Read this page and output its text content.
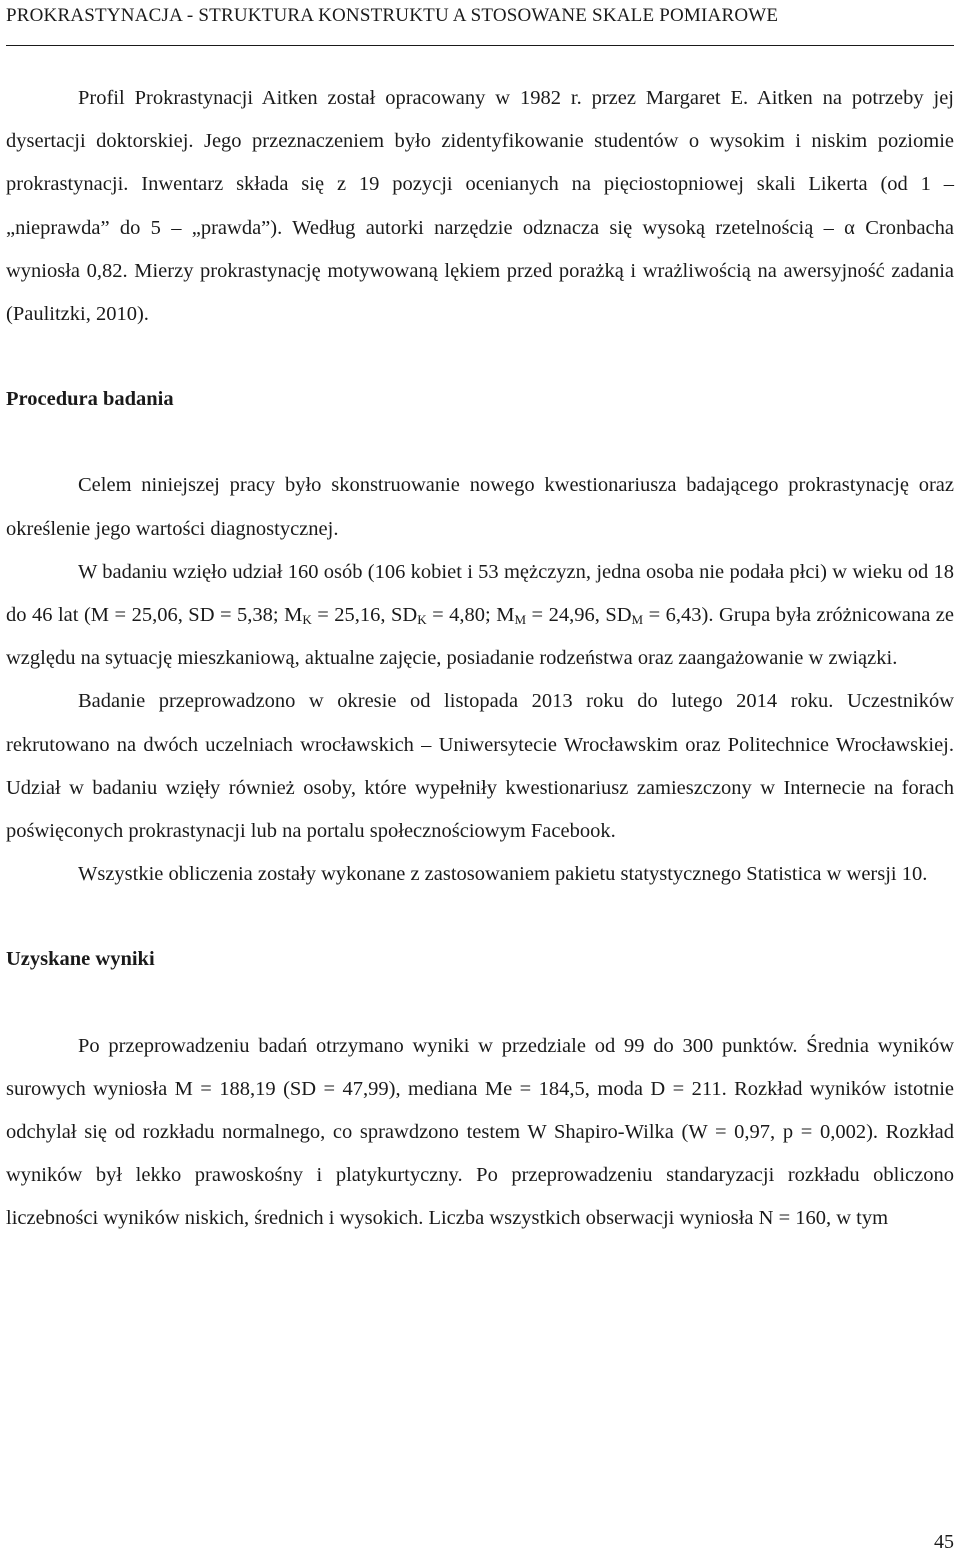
PROKRASTYNACJA - STRUKTURA KONSTRUKTU A STOSOWANE SKALE POMIAROWE

Profil Prokrastynacji Aitken został opracowany w 1982 r. przez Margaret E. Aitken na potrzeby jej dysertacji doktorskiej. Jego przeznaczeniem było zidentyfikowanie studentów o wysokim i niskim poziomie prokrastynacji. Inwentarz składa się z 19 pozycji ocenianych na pięciostopniowej skali Likerta (od 1 – „nieprawda” do 5 – „prawda”). Według autorki narzędzie odznacza się wysoką rzetelnością – α Cronbacha wyniosła 0,82. Mierzy prokrastynację motywowaną lękiem przed porażką i wrażliwością na awersyjność zadania (Paulitzki, 2010).

Procedura badania

Celem niniejszej pracy było skonstruowanie nowego kwestionariusza badającego prokrastynację oraz określenie jego wartości diagnostycznej.

W badaniu wzięło udział 160 osób (106 kobiet i 53 mężczyzn, jedna osoba nie podała płci) w wieku od 18 do 46 lat (M = 25,06, SD = 5,38; $M_K = 25,16$, $SD_K = 4,80$; $M_M = 24,96$, $SD_M = 6,43$). Grupa była zróżnicowana ze względu na sytuację mieszkaniową, aktualne zajęcie, posiadanie rodzeństwa oraz zaangażowanie w związki.

Badanie przeprowadzono w okresie od listopada 2013 roku do lutego 2014 roku. Uczestników rekrutowano na dwóch uczelniach wrocławskich – Uniwersytecie Wrocławskim oraz Politechnice Wrocławskiej. Udział w badaniu wzięły również osoby, które wypełniły kwestionariusz zamieszczony w Internecie na forach poświęconych prokrastynacji lub na portalu społecznościowym Facebook.

Wszystkie obliczenia zostały wykonane z zastosowaniem pakietu statystycznego Statistica w wersji 10.

Uzyskane wyniki

Po przeprowadzeniu badań otrzymano wyniki w przedziale od 99 do 300 punktów. Średnia wyników surowych wyniosła M = 188,19 (SD = 47,99), mediana Me = 184,5, moda D = 211. Rozkład wyników istotnie odchylał się od rozkładu normalnego, co sprawdzono testem W Shapiro-Wilka (W = 0,97, p = 0,002). Rozkład wyników był lekko prawoskośny i platykurtyczny. Po przeprowadzeniu standaryzacji rozkładu obliczono liczebności wyników niskich, średnich i wysokich. Liczba wszystkich obserwacji wyniosła N = 160, w tym

45
